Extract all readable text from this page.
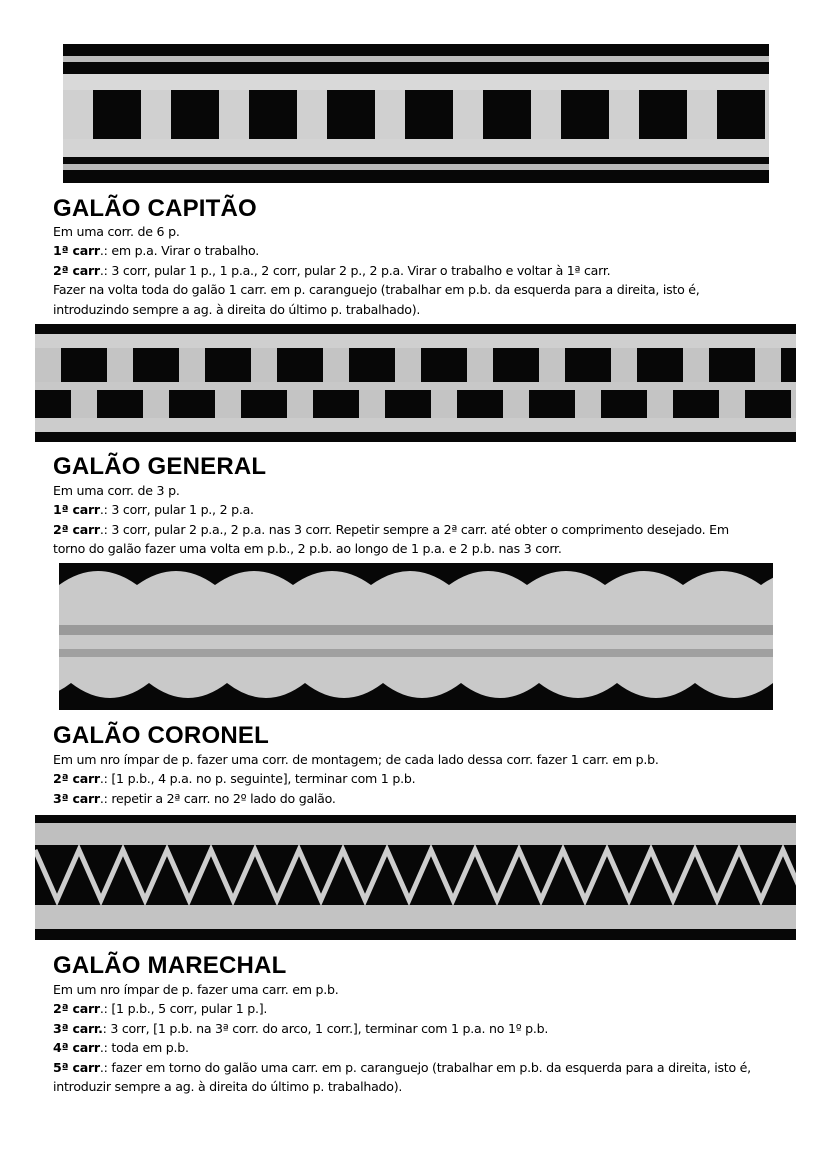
GALÃO CAPITÃO

Em uma corr. de 6 p.

1ª carr.: em p.a. Virar o trabalho.

2ª carr.: 3 corr, pular 1 p., 1 p.a., 2 corr, pular 2 p., 2 p.a. Virar o trabalho e voltar à 1ª carr.

Fazer na volta toda do galão 1 carr. em p. caranguejo (trabalhar em p.b. da esquerda para a direita, isto é,

introduzindo sempre a ag. à direita do último p. trabalhado).

GALÃO GENERAL

Em uma corr. de 3 p.

1ª carr.: 3 corr, pular 1 p., 2 p.a.

2ª carr.: 3 corr, pular 2 p.a., 2 p.a. nas 3 corr. Repetir sempre a 2ª carr. até obter o comprimento desejado. Em

torno do galão fazer uma volta em p.b., 2 p.b. ao longo de 1 p.a. e 2 p.b. nas 3 corr.

GALÃO CORONEL

Em um nro ímpar de p. fazer uma corr. de montagem; de cada lado dessa corr. fazer 1 carr. em p.b.

2ª carr.: [1 p.b., 4 p.a. no p. seguinte], terminar com 1 p.b.

3ª carr.: repetir a 2ª carr. no 2º lado do galão.

GALÃO MARECHAL

Em um nro ímpar de p. fazer uma carr. em p.b.

2ª carr.: [1 p.b., 5 corr, pular 1 p.].

3ª carr.: 3 corr, [1 p.b. na 3ª corr. do arco, 1 corr.], terminar com 1 p.a. no 1º p.b.

4ª carr.: toda em p.b.

5ª carr.: fazer em torno do galão uma carr. em p. caranguejo (trabalhar em p.b. da esquerda para a direita, isto é,

introduzir sempre a ag. à direita do último p. trabalhado).
